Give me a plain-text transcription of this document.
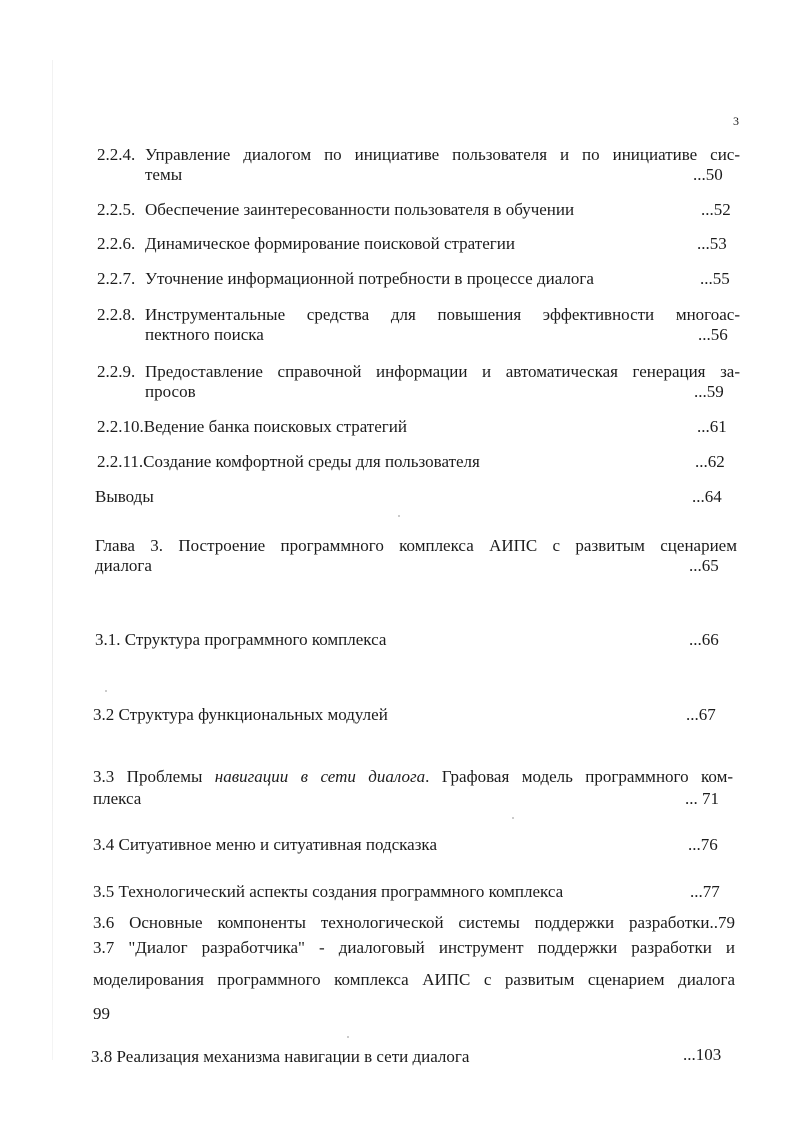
3
2.2.4. Управление диалогом по инициативе пользователя и по инициативе сис-
темы	...50
2.2.5. Обеспечение заинтересованности пользователя в обучении	...52
2.2.6. Динамическое формирование поисковой стратегии	...53
2.2.7. Уточнение информационной потребности в процессе диалога	...55
2.2.8. Инструментальные средства для повышения эффективности многоас-
пектного поиска	...56
2.2.9. Предоставление справочной информации и автоматическая генерация за-
просов	...59
2.2.10.Ведение банка поисковых стратегий	...61
2.2.11.Создание комфортной среды для пользователя	...62
Выводы	...64
Глава 3. Построение программного комплекса АИПС с развитым сценарием
диалога	...65
3.1. Структура программного комплекса	...66
3.2 Структура функциональных модулей	...67
3.3 Проблемы навигации в сети диалога. Графовая модель программного ком-
плекса	... 71
3.4 Ситуативное меню и ситуативная подсказка	...76
3.5 Технологический аспекты создания программного комплекса	...77
3.6 Основные компоненты технологической системы поддержки разработки..79
3.7 "Диалог разработчика" - диалоговый инструмент поддержки разработки и
моделирования программного комплекса АИПС с развитым сценарием диалога
99
3.8 Реализация механизма навигации в сети диалога	...103
